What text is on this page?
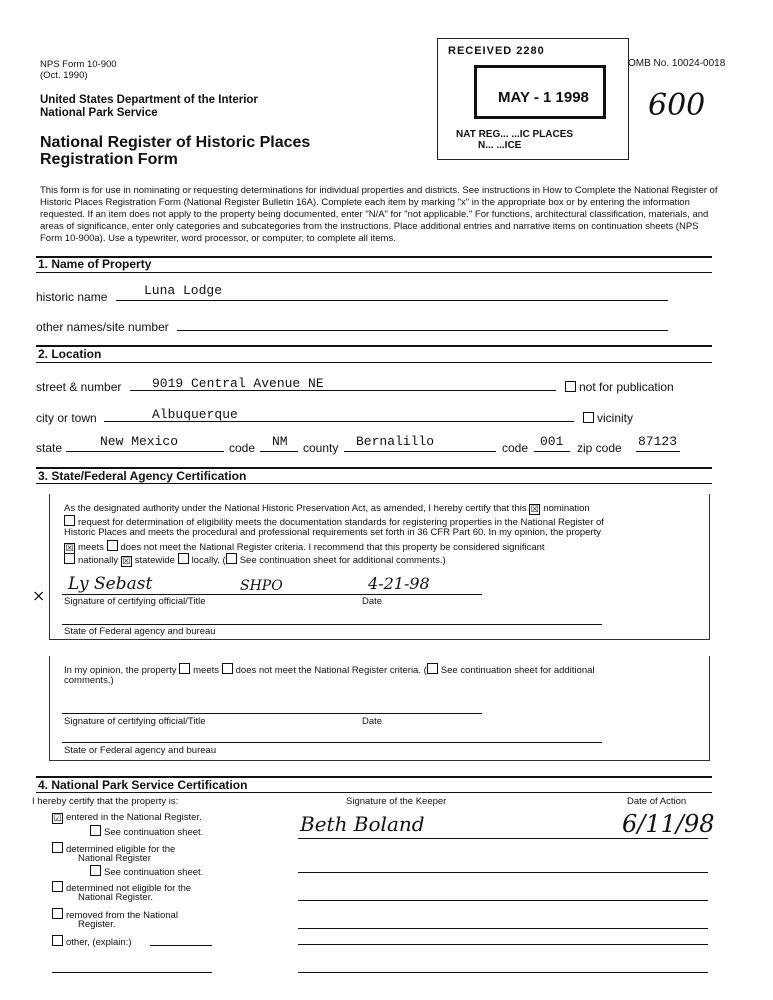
NPS Form 10-900
(Oct. 1990)
OMB No. 10024-0018
United States Department of the Interior
National Park Service
National Register of Historic Places
Registration Form
600
RECEIVED 2280
MAY - 1 1998
NAT REG... ...IC PLACES
N... ...ICE
This form is for use in nominating or requesting determinations for individual properties and districts. See instructions in How to Complete the National Register of Historic Places Registration Form (National Register Bulletin 16A). Complete each item by marking "x" in the appropriate box or by entering the information requested. If an item does not apply to the property being documented, enter "N/A" for "not applicable." For functions, architectural classification, materials, and areas of significance, enter only categories and subcategories from the instructions. Place additional entries and narrative items on continuation sheets (NPS Form 10-900a). Use a typewriter, word processor, or computer, to complete all items.
1. Name of Property
historic name	Luna Lodge
other names/site number
2. Location
street & number 9019 Central Avenue NE	not for publication
city or town	Albuquerque	vicinity
state	New Mexico	code NM county Bernalillo	code 001 zip code 87123
3. State/Federal Agency Certification
As the designated authority under the National Historic Preservation Act, as amended, I hereby certify that this ☒ nomination
request for determination of eligibility meets the documentation standards for registering properties in the National Register of
Historic Places and meets the procedural and professional requirements set forth in 36 CFR Part 60. In my opinion, the property
☒ meets does not meet the National Register criteria. I recommend that this property be considered significant
nationally ☒ statewide locally. ( See continuation sheet for additional comments.)
×
Ly Sebast	SHPO	4-21-98
Signature of certifying official/Title	Date
State of Federal agency and bureau
In my opinion, the property meets does not meet the National Register criteria. ( See continuation sheet for additional
comments.)
Signature of certifying official/Title	Date
State or Federal agency and bureau
4. National Park Service Certification
I hereby certify that the property is:	Signature of the Keeper	Date of Action
Beth Boland	6/11/98
☑ entered in the National Register.
See continuation sheet.
determined eligible for the
National Register
See continuation sheet.
determined not eligible for the
National Register.
removed from the National
Register.
other, (explain:)
